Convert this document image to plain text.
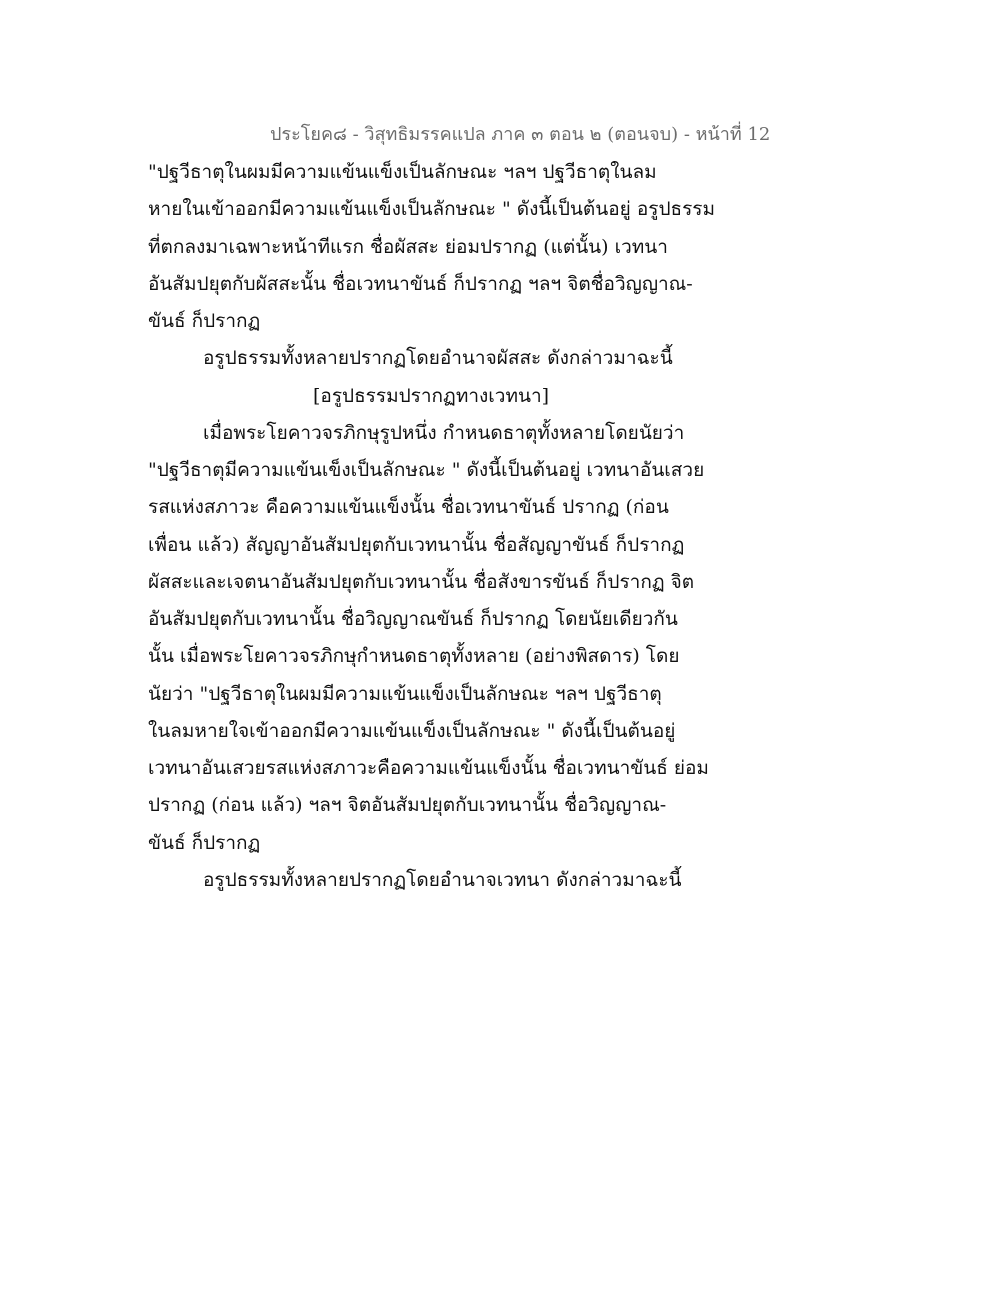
ประโยค๘ - วิสุทธิมรรคแปล ภาค ๓ ตอน ๒ (ตอนจบ) - หน้าที่ 12
"ปฐวีธาตุในผมมีความแข้นแข็งเป็นลักษณะ ฯลฯ ปฐวีธาตุในลม
หายในเข้าออกมีความแข้นแข็งเป็นลักษณะ " ดังนี้เป็นต้นอยู่ อรูปธรรม
ที่ตกลงมาเฉพาะหน้าทีแรก ชื่อผัสสะ ย่อมปรากฏ (แต่นั้น) เวทนา
อันสัมปยุตกับผัสสะนั้น ชื่อเวทนาขันธ์ ก็ปรากฏ ฯลฯ จิตชื่อวิญญาณ-
ขันธ์ ก็ปรากฏ
อรูปธรรมทั้งหลายปรากฏโดยอำนาจผัสสะ ดังกล่าวมาฉะนี้
[อรูปธรรมปรากฏทางเวทนา]
เมื่อพระโยคาวจรภิกษุรูปหนึ่ง กำหนดธาตุทั้งหลายโดยนัยว่า
"ปฐวีธาตุมีความแข้นเข็งเป็นลักษณะ " ดังนี้เป็นต้นอยู่ เวทนาอันเสวย
รสแห่งสภาวะ คือความแข้นแข็งนั้น ชื่อเวทนาขันธ์ ปรากฏ (ก่อน
เพื่อน แล้ว) สัญญาอันสัมปยุตกับเวทนานั้น ชื่อสัญญาขันธ์ ก็ปรากฏ
ผัสสะและเจตนาอันสัมปยุตกับเวทนานั้น ชื่อสังขารขันธ์ ก็ปรากฏ จิต
อันสัมปยุตกับเวทนานั้น ชื่อวิญญาณขันธ์ ก็ปรากฏ โดยนัยเดียวกัน
นั้น เมื่อพระโยคาวจรภิกษุกำหนดธาตุทั้งหลาย (อย่างพิสดาร) โดย
นัยว่า "ปฐวีธาตุในผมมีความแข้นแข็งเป็นลักษณะ ฯลฯ ปฐวีธาตุ
ในลมหายใจเข้าออกมีความแข้นแข็งเป็นลักษณะ " ดังนี้เป็นต้นอยู่
เวทนาอันเสวยรสแห่งสภาวะคือความแข้นแข็งนั้น ชื่อเวทนาขันธ์ ย่อม
ปรากฏ (ก่อน แล้ว) ฯลฯ จิตอันสัมปยุตกับเวทนานั้น ชื่อวิญญาณ-
ขันธ์ ก็ปรากฏ
อรูปธรรมทั้งหลายปรากฏโดยอำนาจเวทนา ดังกล่าวมาฉะนี้
